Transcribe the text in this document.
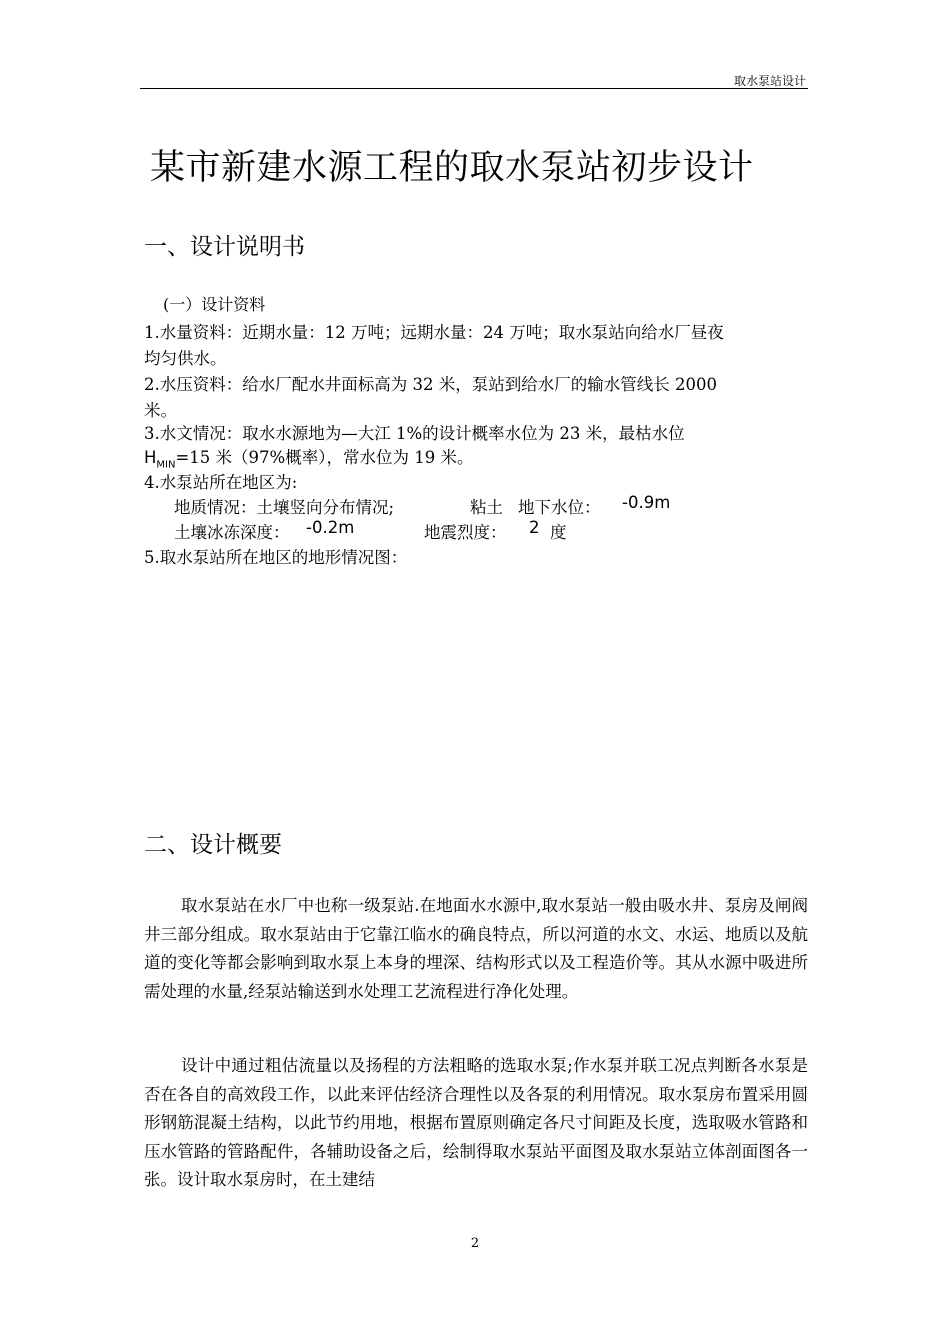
取水泵站设计
某市新建水源工程的取水泵站初步设计
一、设计说明书
(一）设计资料
1.水量资料：近期水量：12 万吨；远期水量：24 万吨；取水泵站向给水厂昼夜
均匀供水。
2.水压资料：给水厂配水井面标高为 32 米，泵站到给水厂的输水管线长 2000
米。
3.水文情况：取水水源地为—大江 1%的设计概率水位为 23 米，最枯水位
$H_{MIN}=15$ 米（97%概率），常水位为 19 米。
4.水泵站所在地区为:
地质情况：土壤竖向分布情况;	粘土 地下水位： -0.9m
土壤冰冻深度： -0.2m	地震烈度： 2 度
5.取水泵站所在地区的地形情况图：
二、设计概要

取水泵站在水厂中也称一级泵站.在地面水水源中,取水泵站一般由吸水井、泵房及闸阀井三部分组成。取水泵站由于它靠江临水的确良特点，所以河道的水文、水运、地质以及航道的变化等都会影响到取水泵上本身的埋深、结构形式以及工程造价等。其从水源中吸进所需处理的水量,经泵站输送到水处理工艺流程进行净化处理。

设计中通过粗估流量以及扬程的方法粗略的选取水泵;作水泵并联工况点判断各水泵是否在各自的高效段工作，以此来评估经济合理性以及各泵的利用情况。取水泵房布置采用圆形钢筋混凝土结构，以此节约用地，根据布置原则确定各尺寸间距及长度，选取吸水管路和压水管路的管路配件，各辅助设备之后，绘制得取水泵站平面图及取水泵站立体剖面图各一张。设计取水泵房时，在土建结

2
